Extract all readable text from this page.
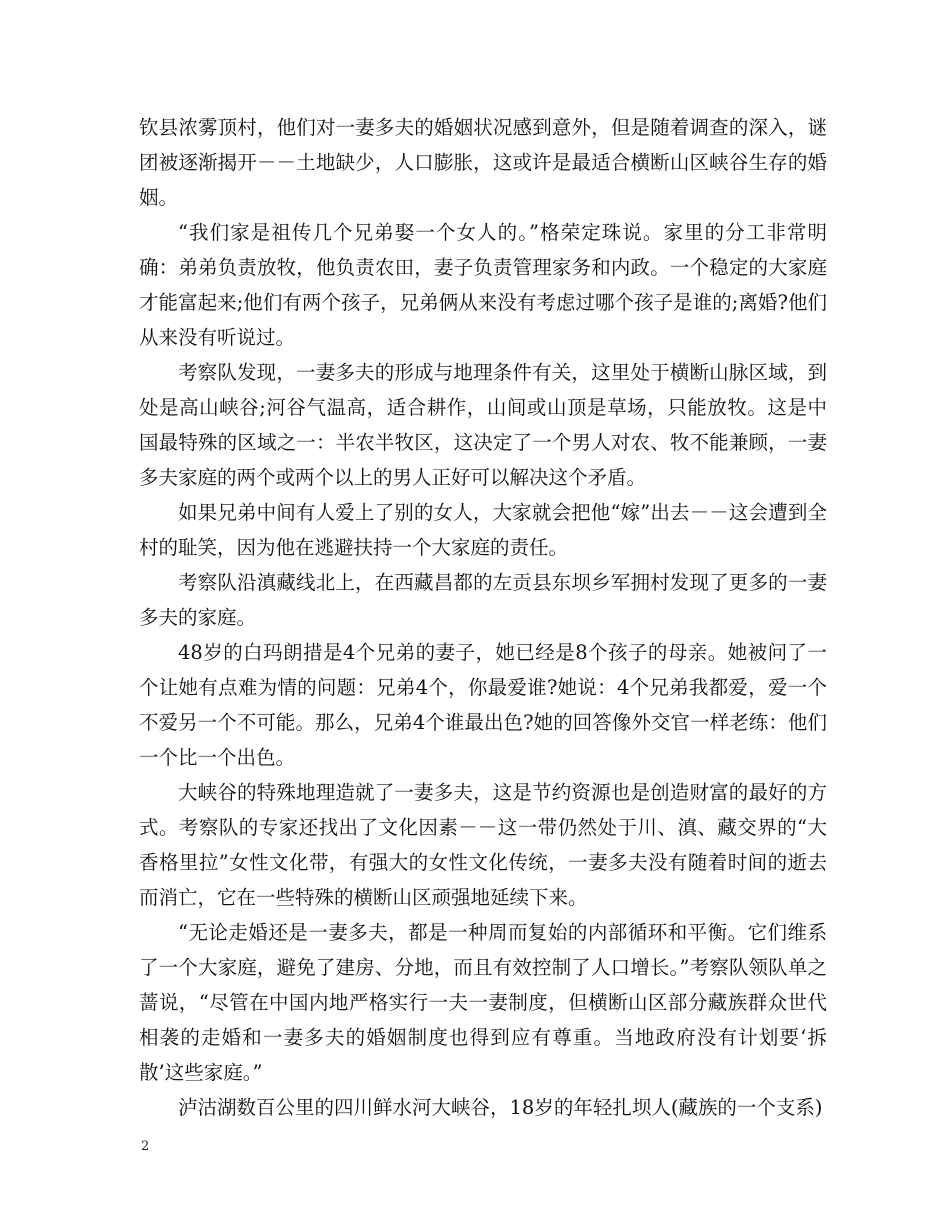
钦县浓雾顶村，他们对一妻多夫的婚姻状况感到意外，但是随着调查的深入，谜团被逐渐揭开－－土地缺少，人口膨胀，这或许是最适合横断山区峡谷生存的婚姻。

“我们家是祖传几个兄弟娶一个女人的。”格荣定珠说。家里的分工非常明确：弟弟负责放牧，他负责农田，妻子负责管理家务和内政。一个稳定的大家庭才能富起来;他们有两个孩子，兄弟俩从来没有考虑过哪个孩子是谁的;离婚?他们从来没有听说过。

考察队发现，一妻多夫的形成与地理条件有关，这里处于横断山脉区域，到处是高山峡谷;河谷气温高，适合耕作，山间或山顶是草场，只能放牧。这是中国最特殊的区域之一：半农半牧区，这决定了一个男人对农、牧不能兼顾，一妻多夫家庭的两个或两个以上的男人正好可以解决这个矛盾。

如果兄弟中间有人爱上了别的女人，大家就会把他“嫁”出去－－这会遭到全村的耻笑，因为他在逃避扶持一个大家庭的责任。

考察队沿滇藏线北上，在西藏昌都的左贡县东坝乡军拥村发现了更多的一妻多夫的家庭。

48岁的白玛朗措是4个兄弟的妻子，她已经是8个孩子的母亲。她被问了一个让她有点难为情的问题：兄弟4个，你最爱谁?她说：4个兄弟我都爱，爱一个不爱另一个不可能。那么，兄弟4个谁最出色?她的回答像外交官一样老练：他们一个比一个出色。

大峡谷的特殊地理造就了一妻多夫，这是节约资源也是创造财富的最好的方式。考察队的专家还找出了文化因素－－这一带仍然处于川、滇、藏交界的“大香格里拉”女性文化带，有强大的女性文化传统，一妻多夫没有随着时间的逝去而消亡，它在一些特殊的横断山区顽强地延续下来。

“无论走婚还是一妻多夫，都是一种周而复始的内部循环和平衡。它们维系了一个大家庭，避免了建房、分地，而且有效控制了人口增长。”考察队领队单之蔷说，“尽管在中国内地严格实行一夫一妻制度，但横断山区部分藏族群众世代相袭的走婚和一妻多夫的婚姻制度也得到应有尊重。当地政府没有计划要‘拆散’这些家庭。”

泸沽湖数百公里的四川鲜水河大峡谷，18岁的年轻扎坝人(藏族的一个支系)

2
